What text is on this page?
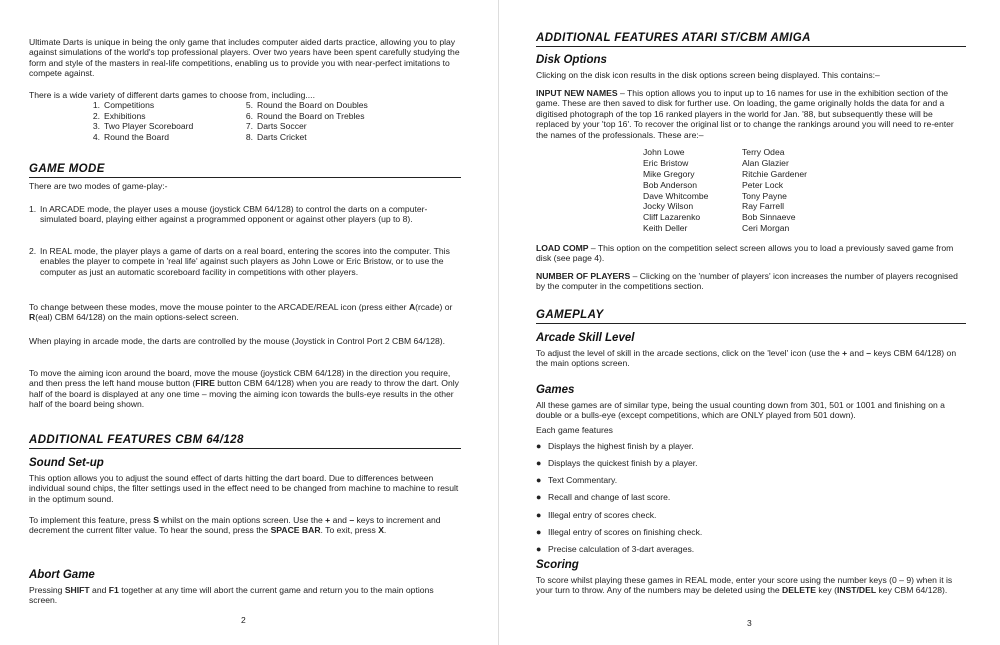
Ultimate Darts is unique in being the only game that includes computer aided darts practice, allowing you to play against simulations of the world's top professional players. Over two years have been spent carefully studying the form and style of the masters in real-life competitions, enabling us to provide you with near-perfect imitations to compete against.

There is a wide variety of different darts games to choose from, including....

1. Competitions	5. Round the Board on Doubles
2. Exhibitions	6. Round the Board on Trebles
3. Two Player Scoreboard	7. Darts Soccer
4. Round the Board	8. Darts Cricket
GAME MODE

There are two modes of game-play:-

1. In ARCADE mode, the player uses a mouse (joystick CBM 64/128) to control the darts on a computer-simulated board, playing either against a programmed opponent or against other players (up to 8).

2. In REAL mode, the player plays a game of darts on a real board, entering the scores into the computer. This enables the player to compete in 'real life' against such players as John Lowe or Eric Bristow, or to use the computer as just an automatic scoreboard facility in competitions with other players.

To change between these modes, move the mouse pointer to the ARCADE/REAL icon (press either A(rcade) or R(eal) CBM 64/128) on the main options-select screen.

When playing in arcade mode, the darts are controlled by the mouse (Joystick in Control Port 2 CBM 64/128).

To move the aiming icon around the board, move the mouse (joystick CBM 64/128) in the direction you require, and then press the left hand mouse button (FIRE button CBM 64/128) when you are ready to throw the dart. Only half of the board is displayed at any one time – moving the aiming icon towards the bulls-eye results in the other half of the board being shown.

ADDITIONAL FEATURES CBM 64/128
Sound Set-up

This option allows you to adjust the sound effect of darts hitting the dart board. Due to differences between individual sound chips, the filter settings used in the effect need to be changed from machine to machine to result in the optimum sound.

To implement this feature, press S whilst on the main options screen. Use the + and – keys to increment and decrement the current filter value. To hear the sound, press the SPACE BAR. To exit, press X.

Abort Game

Pressing SHIFT and F1 together at any time will abort the current game and return you to the main options screen.

2
ADDITIONAL FEATURES ATARI ST/CBM AMIGA
Disk Options

Clicking on the disk icon results in the disk options screen being displayed. This contains:–

INPUT NEW NAMES – This option allows you to input up to 16 names for use in the exhibition section of the game. These are then saved to disk for further use. On loading, the game originally holds the data for and a digitised photograph of the top 16 ranked players in the world for Jan. '88, but subsequently these will be replaced by your 'top 16'. To recover the original list or to change the rankings around you will need to re-enter the names of the professionals. These are:–

John Lowe	Terry Odea
Eric Bristow	Alan Glazier
Mike Gregory	Ritchie Gardener
Bob Anderson	Peter Lock
Dave Whitcombe	Tony Payne
Jocky Wilson	Ray Farrell
Cliff Lazarenko	Bob Sinnaeve
Keith Deller	Ceri Morgan

LOAD COMP – This option on the competition select screen allows you to load a previously saved game from disk (see page 4).

NUMBER OF PLAYERS – Clicking on the 'number of players' icon increases the number of players recognised by the computer in the competitions section.

GAMEPLAY
Arcade Skill Level

To adjust the level of skill in the arcade sections, click on the 'level' icon (use the + and – keys CBM 64/128) on the main options screen.

Games

All these games are of similar type, being the usual counting down from 301, 501 or 1001 and finishing on a double or a bulls-eye (except competitions, which are ONLY played from 501 down).

Each game features

● Displays the highest finish by a player.
● Displays the quickest finish by a player.
● Text Commentary.
● Recall and change of last score.
● Illegal entry of scores check.
● Illegal entry of scores on finishing check.
● Precise calculation of 3-dart averages.
Scoring

To score whilst playing these games in REAL mode, enter your score using the number keys (0 – 9) when it is your turn to throw. Any of the numbers may be deleted using the DELETE key (INST/DEL key CBM 64/128).

3
